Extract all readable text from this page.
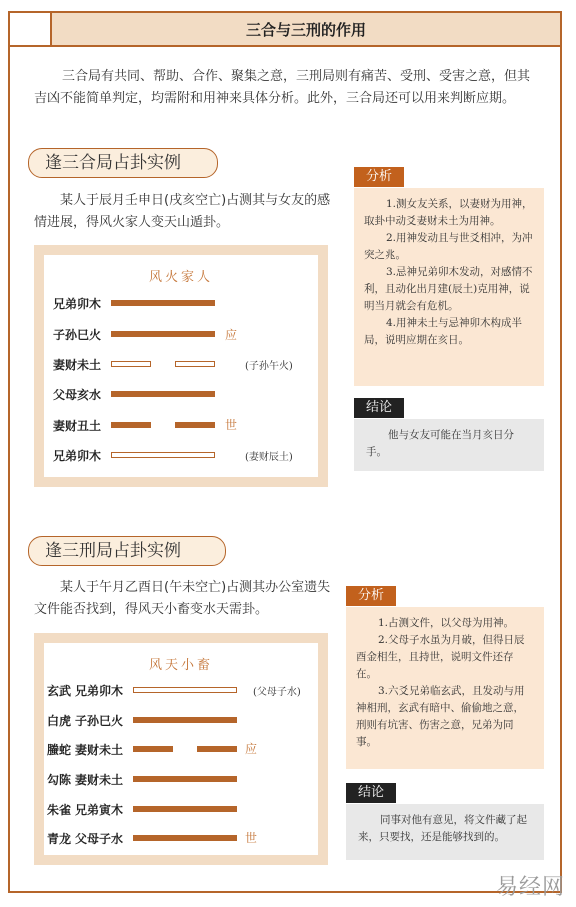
三合与三刑的作用
三合局有共同、帮助、合作、聚集之意，三刑局则有痛苦、受刑、受害之意，但其吉凶不能简单判定，均需附和用神来具体分析。此外，三合局还可以用来判断应期。
逢三合局占卦实例
某人于辰月壬申日(戌亥空亡)占测其与女友的感情进展，得风火家人变天山遁卦。
风火家人
兄弟卯木
子孙巳火	应
妻财未土	(子孙午火)
父母亥水
妻财丑土	世
兄弟卯木	(妻财辰土)
分析

1.测女友关系，以妻财为用神，取卦中动爻妻财未土为用神。

2.用神发动且与世爻相冲，为冲突之兆。

3.忌神兄弟卯木发动，对感情不利，且动化出月建(辰土)克用神，说明当月就会有危机。

4.用神未土与忌神卯木构成半局，说明应期在亥日。

结论

他与女友可能在当月亥日分手。

逢三刑局占卦实例
某人于午月乙酉日(午未空亡)占测其办公室遗失文件能否找到，得风天小畜变水天需卦。
风天小畜
玄武 兄弟卯木	(父母子水)
白虎 子孙巳火
螣蛇 妻财未土	应
勾陈 妻财未土
朱雀 兄弟寅木
青龙 父母子水	世
分析

1.占测文件，以父母为用神。

2.父母子水虽为月破，但得日辰酉金相生，且持世，说明文件还存在。

3.六爻兄弟临玄武，且发动与用神相刑，玄武有暗中、偷偷地之意，刑则有坑害、伤害之意，兄弟为同事。

结论

同事对他有意见，将文件藏了起来，只要找，还是能够找到的。

易经网
